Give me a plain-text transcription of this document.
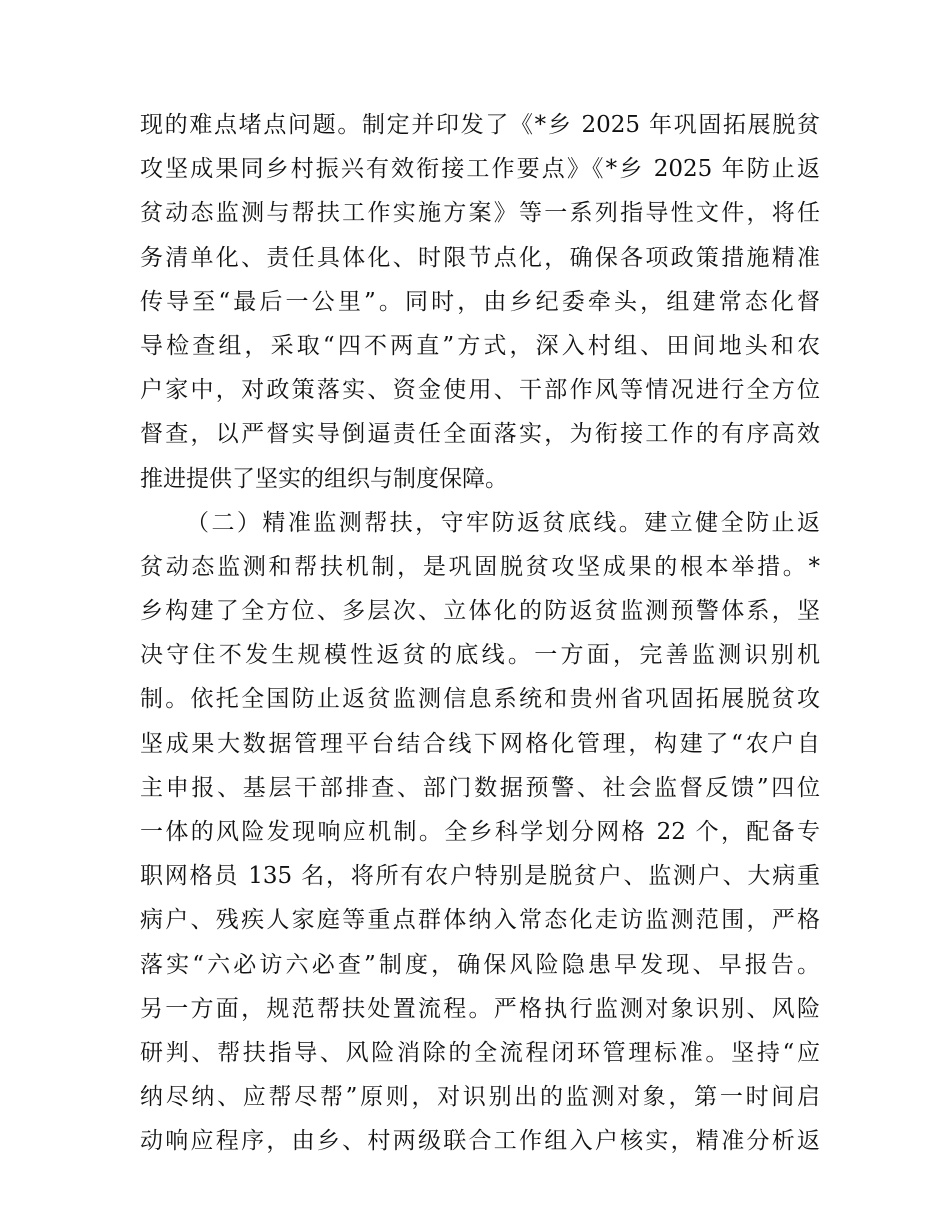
现的难点堵点问题。制定并印发了《*乡 2025 年巩固拓展脱贫
攻坚成果同乡村振兴有效衔接工作要点》《*乡 2025 年防止返
贫动态监测与帮扶工作实施方案》等一系列指导性文件，将任
务清单化、责任具体化、时限节点化，确保各项政策措施精准
传导至“最后一公里”。同时，由乡纪委牵头，组建常态化督
导检查组，采取“四不两直”方式，深入村组、田间地头和农
户家中，对政策落实、资金使用、干部作风等情况进行全方位
督查，以严督实导倒逼责任全面落实，为衔接工作的有序高效
推进提供了坚实的组织与制度保障。
（二）精准监测帮扶，守牢防返贫底线。建立健全防止返
贫动态监测和帮扶机制，是巩固脱贫攻坚成果的根本举措。*
乡构建了全方位、多层次、立体化的防返贫监测预警体系，坚
决守住不发生规模性返贫的底线。一方面，完善监测识别机
制。依托全国防止返贫监测信息系统和贵州省巩固拓展脱贫攻
坚成果大数据管理平台结合线下网格化管理，构建了“农户自
主申报、基层干部排查、部门数据预警、社会监督反馈”四位
一体的风险发现响应机制。全乡科学划分网格 22 个，配备专
职网格员 135 名，将所有农户特别是脱贫户、监测户、大病重
病户、残疾人家庭等重点群体纳入常态化走访监测范围，严格
落实“六必访六必查”制度，确保风险隐患早发现、早报告。
另一方面，规范帮扶处置流程。严格执行监测对象识别、风险
研判、帮扶指导、风险消除的全流程闭环管理标准。坚持“应
纳尽纳、应帮尽帮”原则，对识别出的监测对象，第一时间启
动响应程序，由乡、村两级联合工作组入户核实，精准分析返
